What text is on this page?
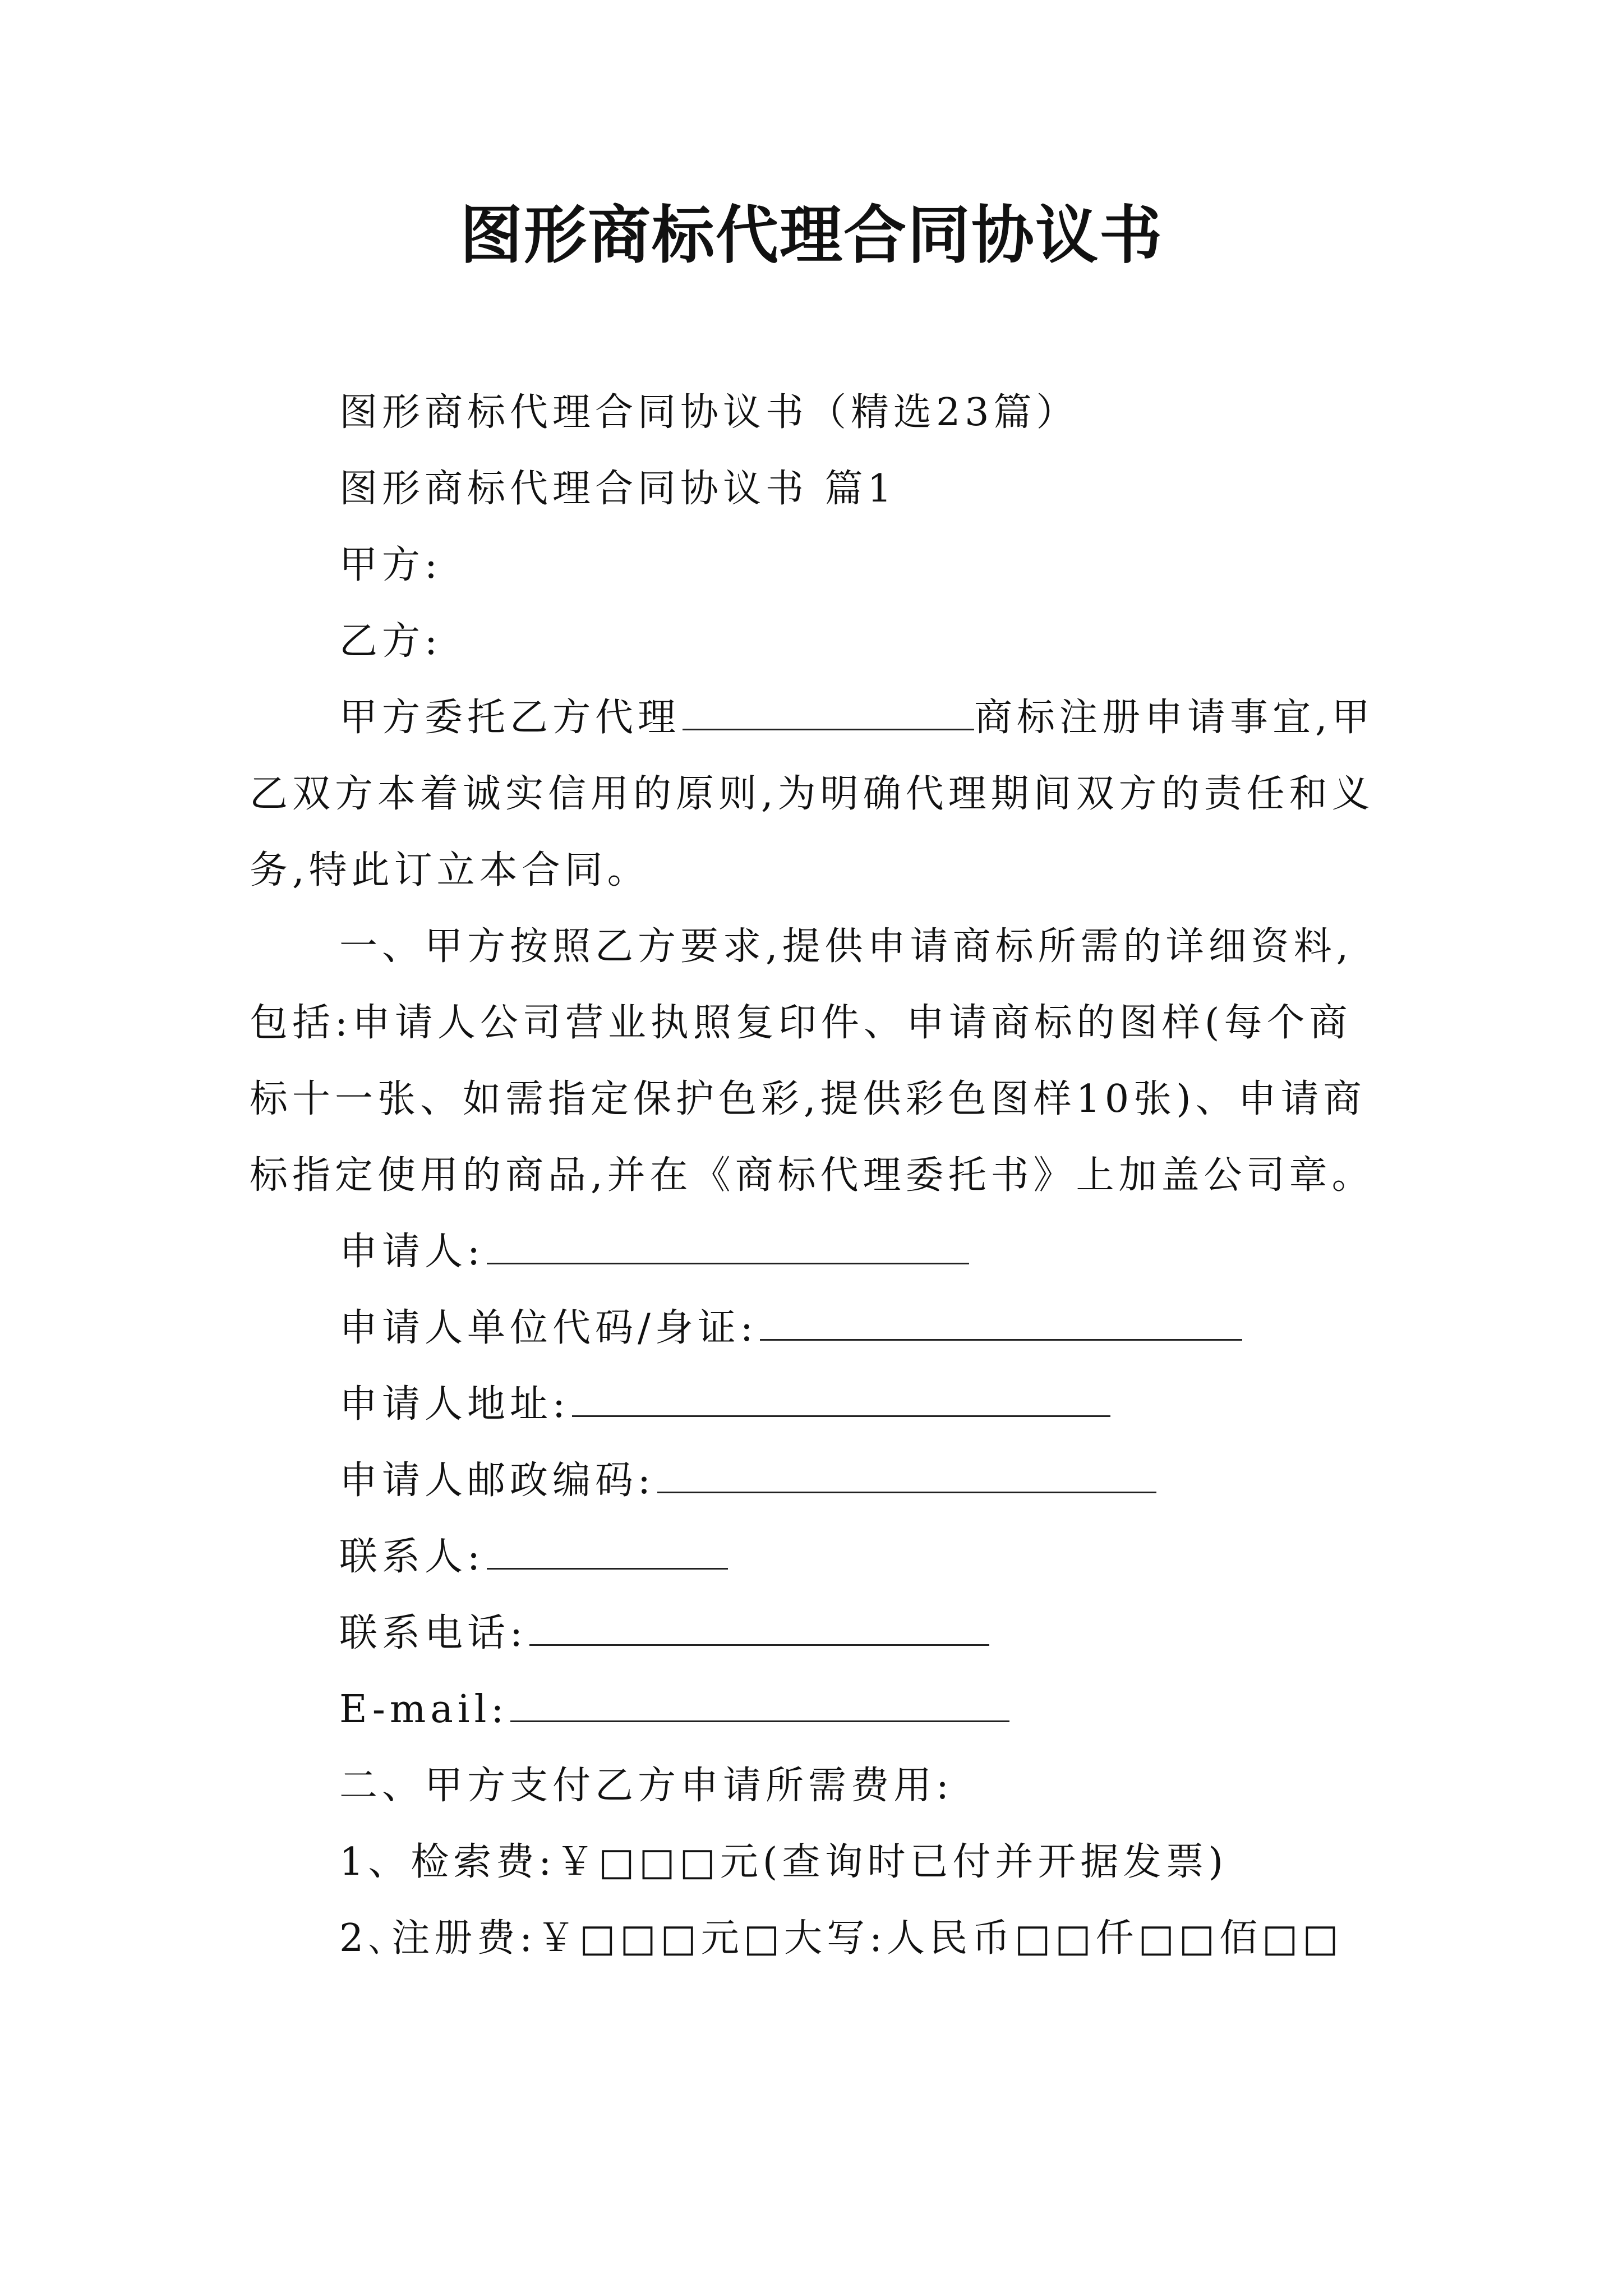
图形商标代理合同协议书

图形商标代理合同协议书（精选23篇）

图形商标代理合同协议书 篇1

甲方:

乙方:

甲方委托乙方代理	商标注册申请事宜,甲乙双方本着诚实信用的原则,为明确代理期间双方的责任和义务,特此订立本合同。

一、甲方按照乙方要求,提供申请商标所需的详细资料,包括:申请人公司营业执照复印件、申请商标的图样(每个商标十一张、如需指定保护色彩,提供彩色图样10张)、申请商标指定使用的商品,并在《商标代理委托书》上加盖公司章。

申请人:

申请人单位代码/身证:

申请人地址:

申请人邮政编码:

联系人:

联系电话:

E-mail:

二、甲方支付乙方申请所需费用:

1、检索费:￥□□□元(查询时已付并开据发票)

2､注册费:￥□□□元□大写:人民币□□仟□□佰□□
